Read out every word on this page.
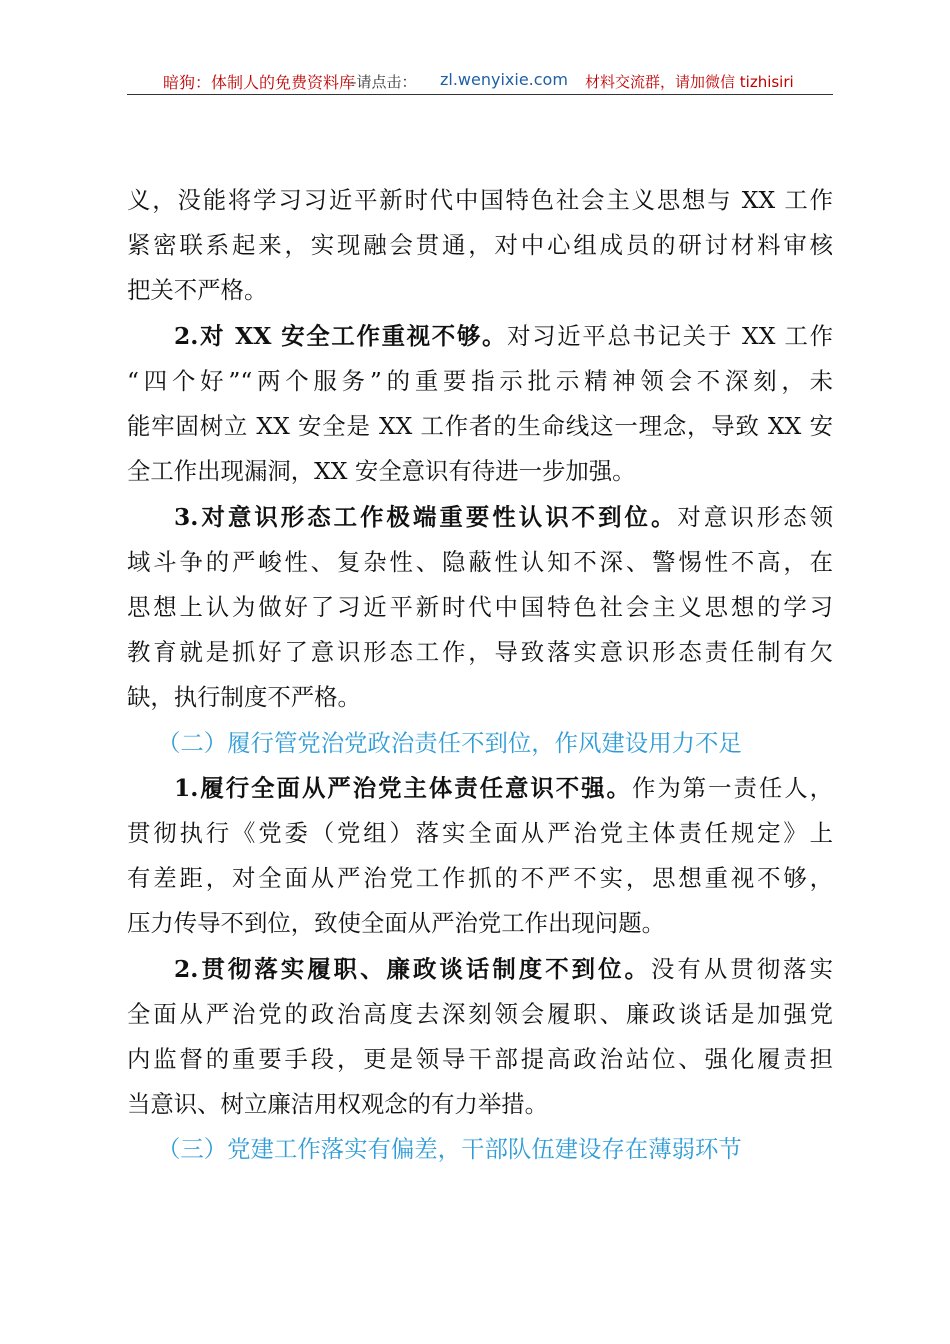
暗狗：体制人的免费资料库
–请点击： zl.wenyixie.com 材料交流群，请加微信 tizhisiri
义，没能将学习习近平新时代中国特色社会主义思想与 XX 工作
紧密联系起来，实现融会贯通，对中心组成员的研讨材料审核
把关不严格。
2.对 XX 安全工作重视不够。对习近平总书记关于 XX 工作
“四个好”“两个服务”的重要指示批示精神领会不深刻，未
能牢固树立 XX 安全是 XX 工作者的生命线这一理念，导致 XX 安
全工作出现漏洞，XX 安全意识有待进一步加强。
3.对意识形态工作极端重要性认识不到位。对意识形态领
域斗争的严峻性、复杂性、隐蔽性认知不深、警惕性不高，在
思想上认为做好了习近平新时代中国特色社会主义思想的学习
教育就是抓好了意识形态工作，导致落实意识形态责任制有欠
缺，执行制度不严格。
（二）履行管党治党政治责任不到位，作风建设用力不足
1.履行全面从严治党主体责任意识不强。作为第一责任人，
贯彻执行《党委（党组）落实全面从严治党主体责任规定》上
有差距，对全面从严治党工作抓的不严不实，思想重视不够，
压力传导不到位，致使全面从严治党工作出现问题。
2.贯彻落实履职、廉政谈话制度不到位。没有从贯彻落实
全面从严治党的政治高度去深刻领会履职、廉政谈话是加强党
内监督的重要手段，更是领导干部提高政治站位、强化履责担
当意识、树立廉洁用权观念的有力举措。
（三）党建工作落实有偏差，干部队伍建设存在薄弱环节
